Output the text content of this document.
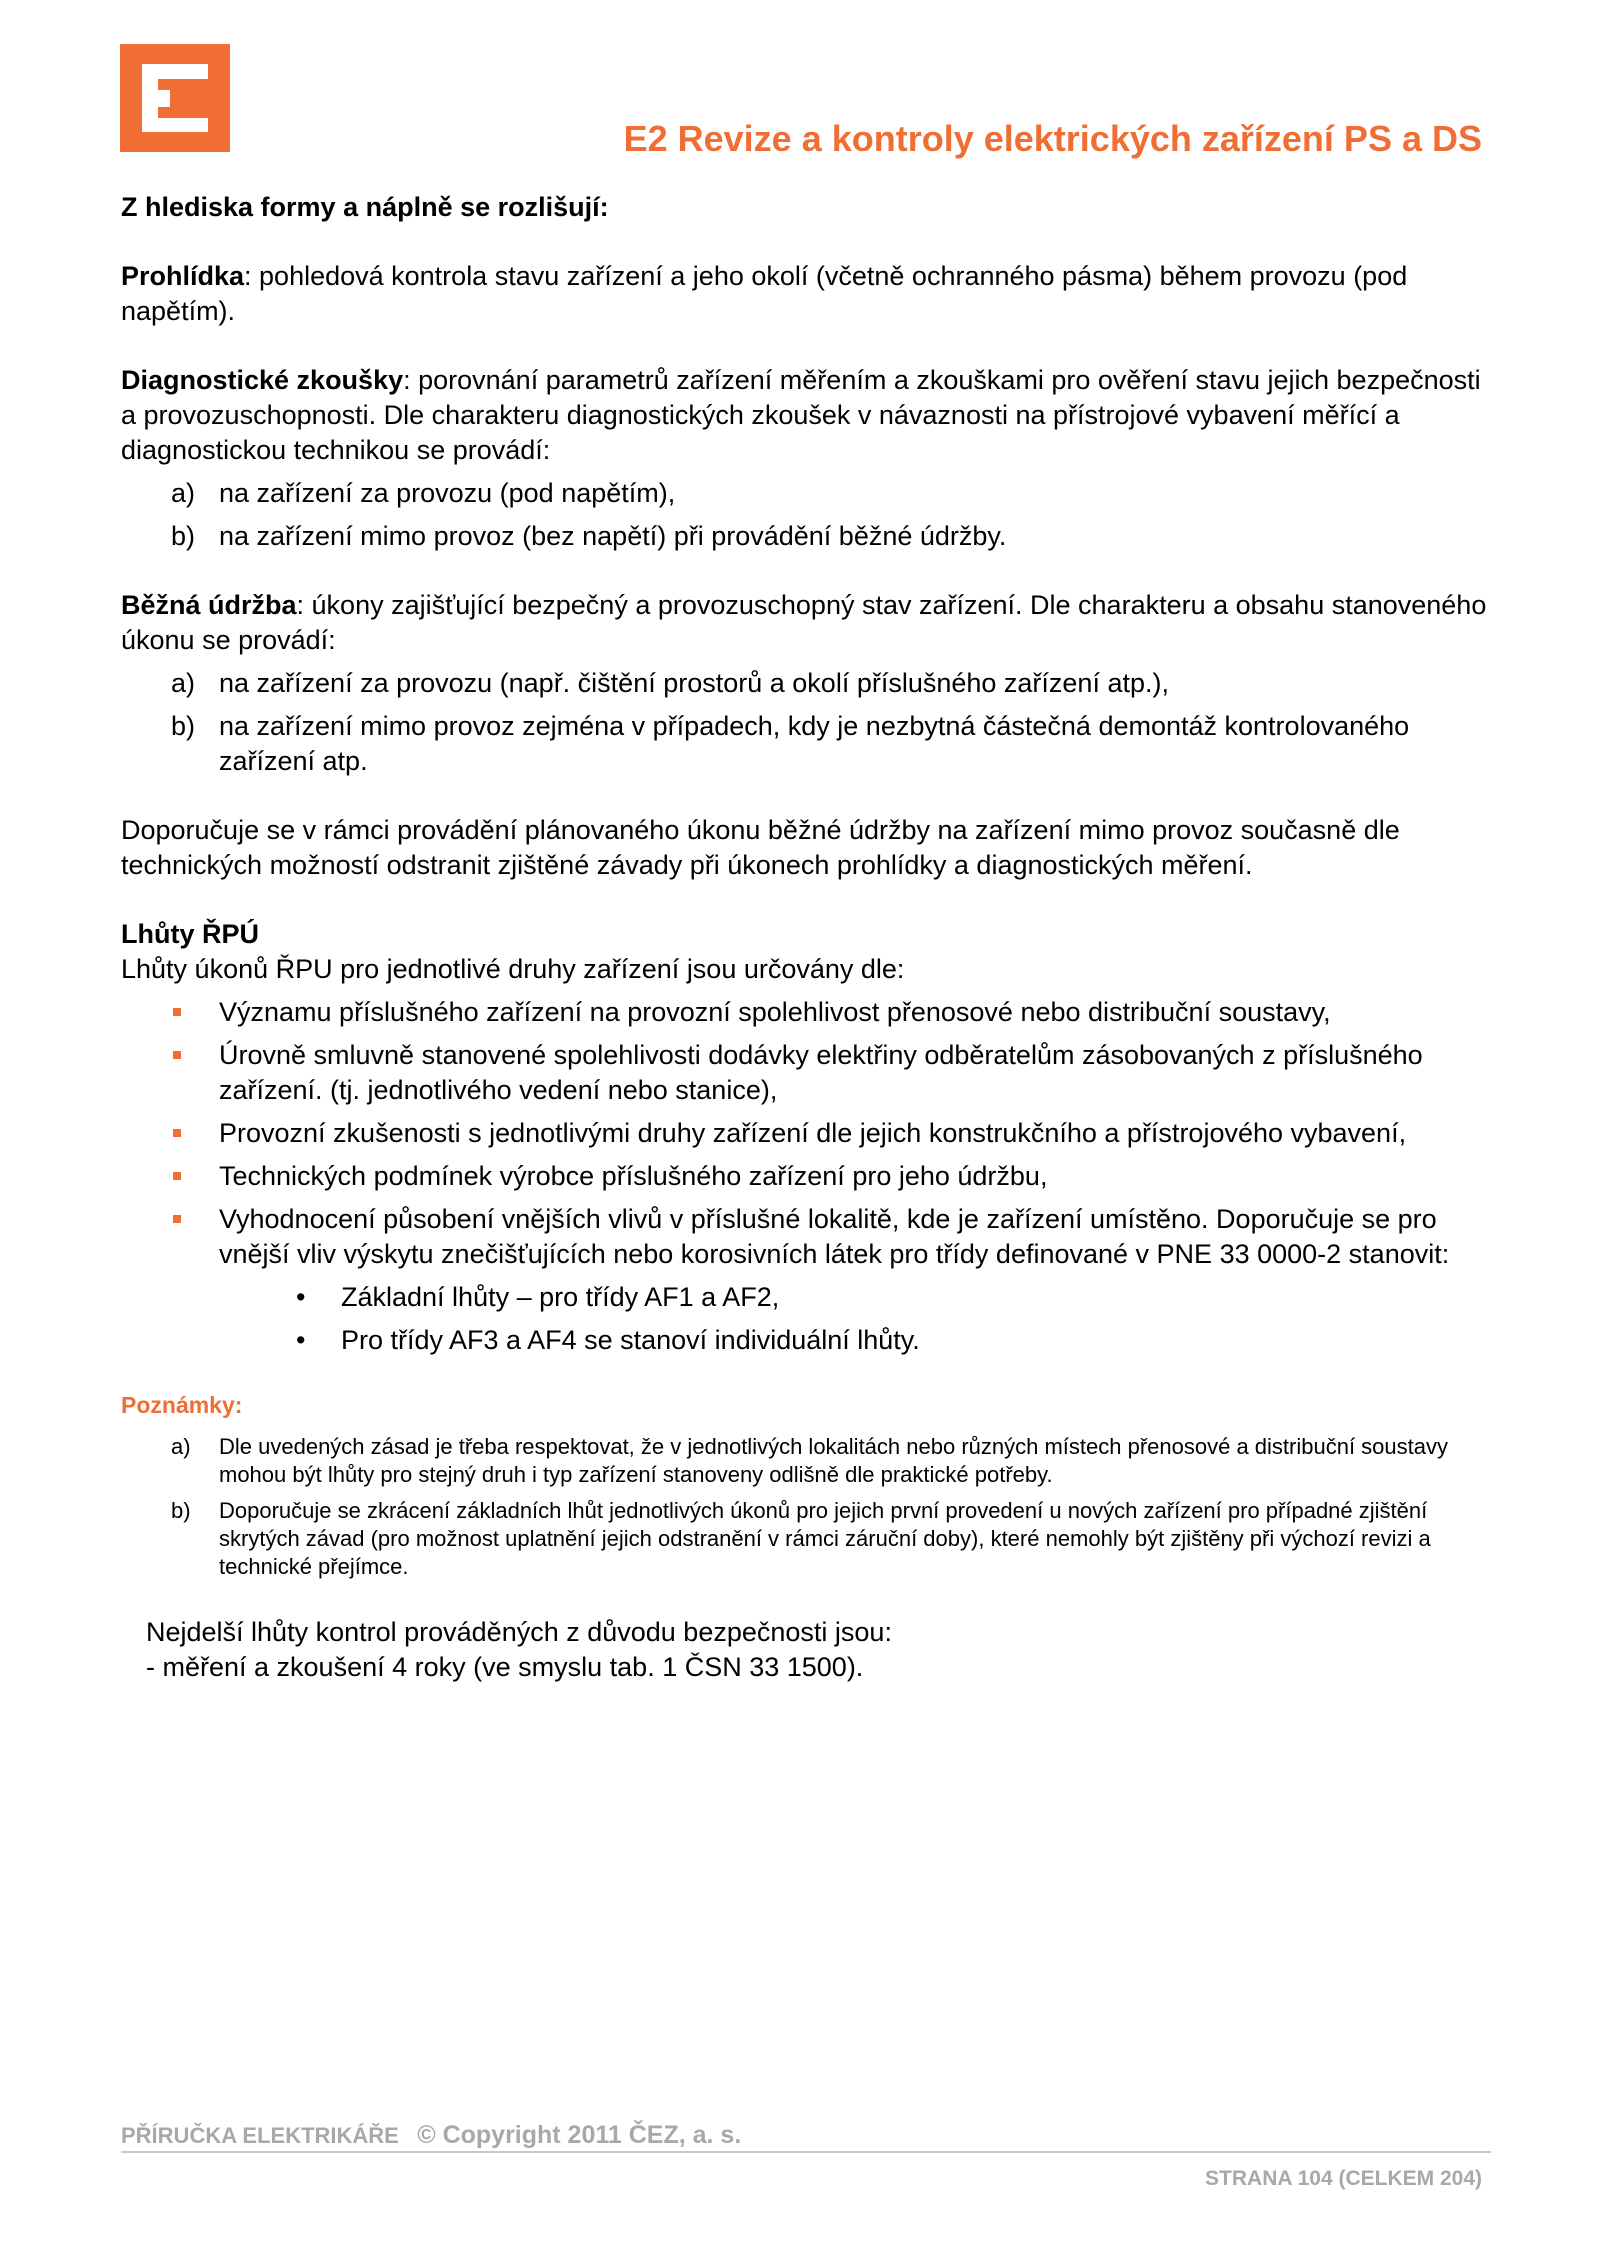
E2 Revize a kontroly elektrických zařízení PS a DS

Z hlediska formy a náplně se rozlišují:

Prohlídka: pohledová kontrola stavu zařízení a jeho okolí (včetně ochranného pásma) během provozu (pod napětím).

Diagnostické zkoušky: porovnání parametrů zařízení měřením a zkouškami pro ověření stavu jejich bezpečnosti a provozuschopnosti. Dle charakteru diagnostických zkoušek v návaznosti na přístrojové vybavení měřící a diagnostickou technikou se provádí:

a) na zařízení za provozu (pod napětím),
b) na zařízení mimo provoz (bez napětí) při provádění běžné údržby.

Běžná údržba: úkony zajišťující bezpečný a provozuschopný stav zařízení. Dle charakteru a obsahu stanoveného úkonu se provádí:

a) na zařízení za provozu (např. čištění prostorů a okolí příslušného zařízení atp.),
b) na zařízení mimo provoz zejména v případech, kdy je nezbytná částečná demontáž kontrolovaného zařízení atp.

Doporučuje se v rámci provádění plánovaného úkonu běžné údržby na zařízení mimo provoz současně dle technických možností odstranit zjištěné závady při úkonech prohlídky a diagnostických měření.

Lhůty ŘPÚ

Lhůty úkonů ŘPU pro jednotlivé druhy zařízení jsou určovány dle:

Významu příslušného zařízení na provozní spolehlivost přenosové nebo distribuční soustavy,
Úrovně smluvně stanovené spolehlivosti dodávky elektřiny odběratelům zásobovaných z příslušného zařízení. (tj. jednotlivého vedení nebo stanice),
Provozní zkušenosti s jednotlivými druhy zařízení dle jejich konstrukčního a přístrojového vybavení,
Technických podmínek výrobce příslušného zařízení pro jeho údržbu,
Vyhodnocení působení vnějších vlivů v příslušné lokalitě, kde je zařízení umístěno. Doporučuje se pro vnější vliv výskytu znečišťujících nebo korosivních látek pro třídy definované v PNE 33 0000-2 stanovit:
• Základní lhůty – pro třídy AF1 a AF2,
• Pro třídy AF3 a AF4 se stanoví individuální lhůty.

Poznámky:

a) Dle uvedených zásad je třeba respektovat, že v jednotlivých lokalitách nebo různých místech přenosové a distribuční soustavy mohou být lhůty pro stejný druh i typ zařízení stanoveny odlišně dle praktické potřeby.
b) Doporučuje se zkrácení základních lhůt jednotlivých úkonů pro jejich první provedení u nových zařízení pro případné zjištění skrytých závad (pro možnost uplatnění jejich odstranění v rámci záruční doby), které nemohly být zjištěny při výchozí revizi a technické přejímce.

Nejdelší lhůty kontrol prováděných z důvodu bezpečnosti jsou:

- měření a zkoušení 4 roky (ve smyslu tab. 1 ČSN 33 1500).

PŘÍRUČKA ELEKTRIKÁŘE © Copyright 2011 ČEZ, a. s.
STRANA 104 (CELKEM 204)
